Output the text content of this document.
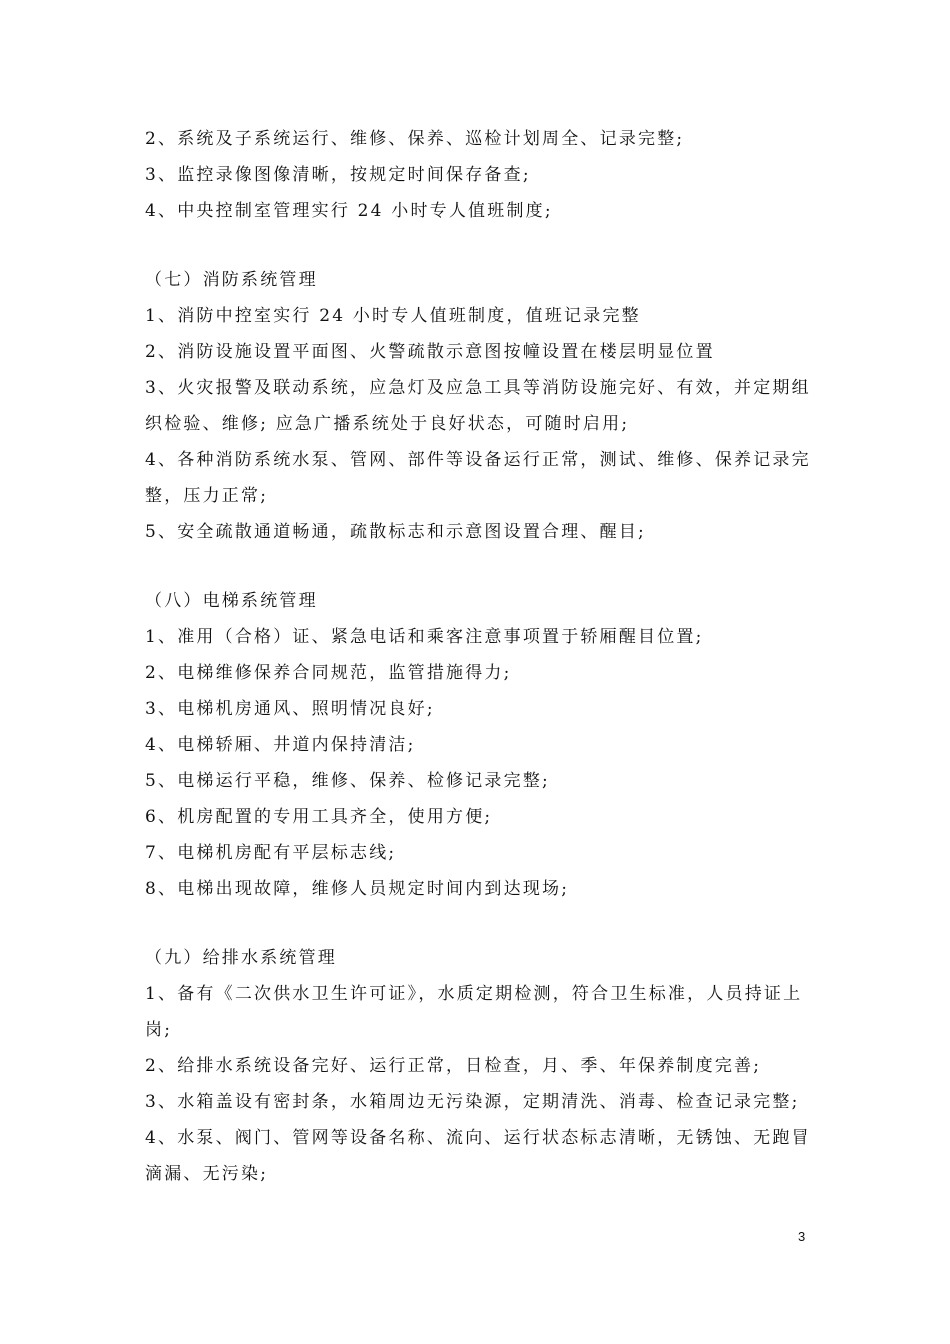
2、系统及子系统运行、维修、保养、巡检计划周全、记录完整;

3、监控录像图像清晰，按规定时间保存备查;

4、中央控制室管理实行 24 小时专人值班制度;

（七）消防系统管理

1、消防中控室实行 24 小时专人值班制度，值班记录完整

2、消防设施设置平面图、火警疏散示意图按幢设置在楼层明显位置

3、火灾报警及联动系统，应急灯及应急工具等消防设施完好、有效，并定期组

织检验、维修; 应急广播系统处于良好状态，可随时启用;

4、各种消防系统水泵、管网、部件等设备运行正常，测试、维修、保养记录完

整，压力正常;

5、安全疏散通道畅通，疏散标志和示意图设置合理、醒目;

（八）电梯系统管理

1、准用（合格）证、紧急电话和乘客注意事项置于轿厢醒目位置;

2、电梯维修保养合同规范，监管措施得力;

3、电梯机房通风、照明情况良好;

4、电梯轿厢、井道内保持清洁;

5、电梯运行平稳，维修、保养、检修记录完整;

6、机房配置的专用工具齐全，使用方便;

7、电梯机房配有平层标志线;

8、电梯出现故障，维修人员规定时间内到达现场;

（九）给排水系统管理

1、备有《二次供水卫生许可证》，水质定期检测，符合卫生标准，人员持证上

岗;

2、给排水系统设备完好、运行正常，日检查，月、季、年保养制度完善;

3、水箱盖设有密封条，水箱周边无污染源，定期清洗、消毒、检查记录完整;

4、水泵、阀门、管网等设备名称、流向、运行状态标志清晰，无锈蚀、无跑冒

滴漏、无污染;

3
